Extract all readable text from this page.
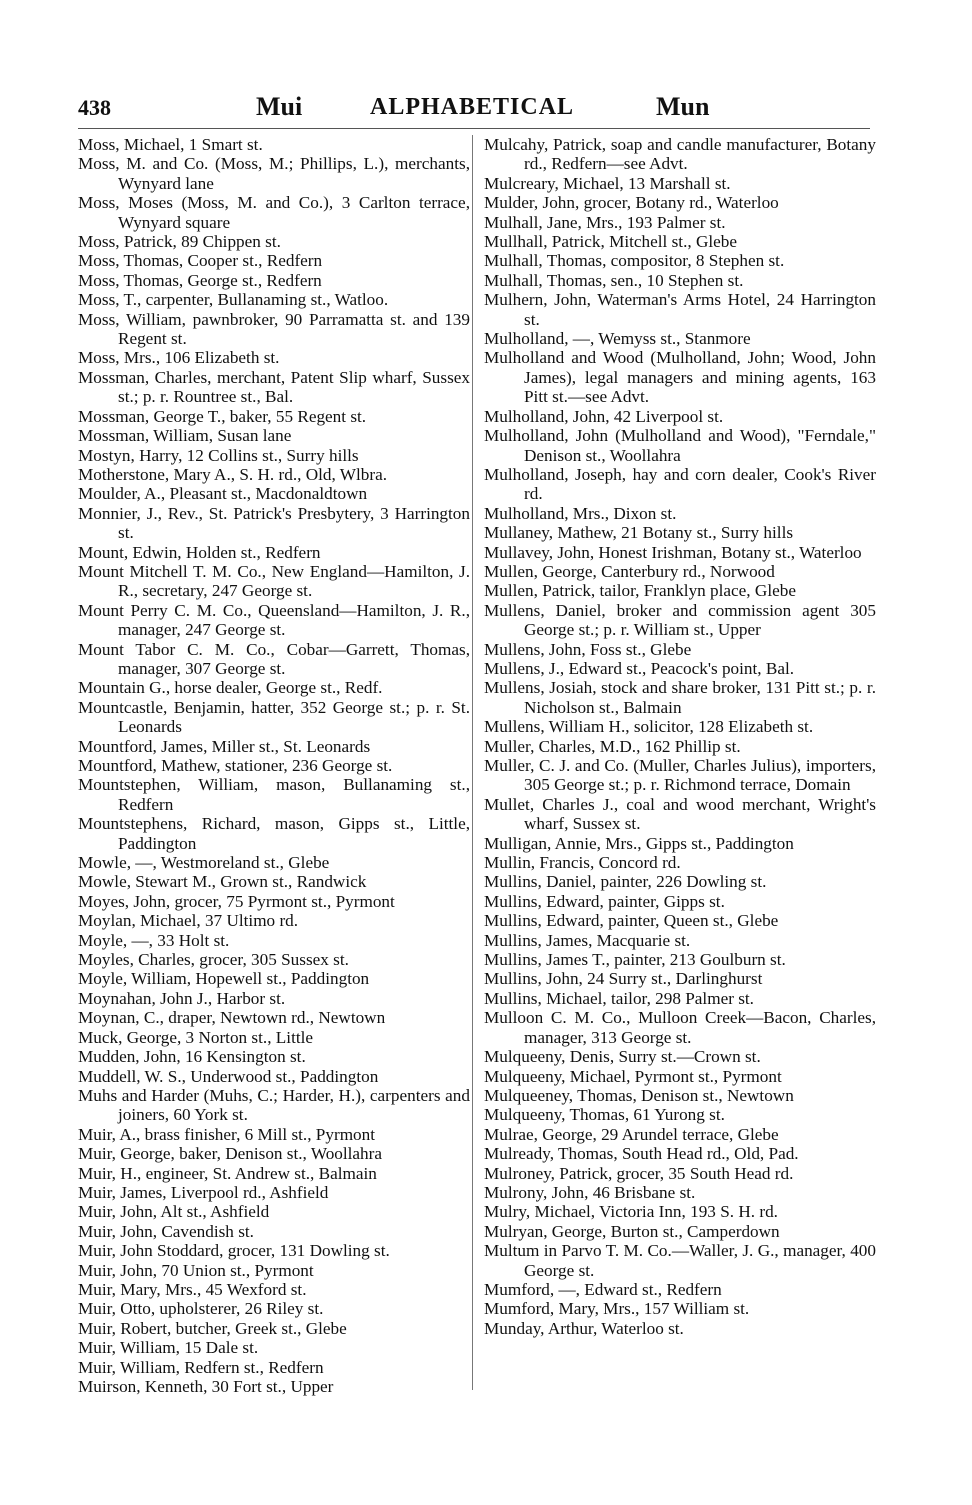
438	Mui	ALPHABETICAL	Mun

Moss, Michael, 1 Smart st.

Moss, M. and Co. (Moss, M.; Phillips, L.), merchants, Wynyard lane

Moss, Moses (Moss, M. and Co.), 3 Carlton terrace, Wynyard square

Moss, Patrick, 89 Chippen st.

Moss, Thomas, Cooper st., Redfern

Moss, Thomas, George st., Redfern

Moss, T., carpenter, Bullanaming st., Watloo.

Moss, William, pawnbroker, 90 Parramatta st. and 139 Regent st.

Moss, Mrs., 106 Elizabeth st.

Mossman, Charles, merchant, Patent Slip wharf, Sussex st.; p. r. Rountree st., Bal.

Mossman, George T., baker, 55 Regent st.

Mossman, William, Susan lane

Mostyn, Harry, 12 Collins st., Surry hills

Motherstone, Mary A., S. H. rd., Old, Wlbra.

Moulder, A., Pleasant st., Macdonaldtown

Monnier, J., Rev., St. Patrick's Presbytery, 3 Harrington st.

Mount, Edwin, Holden st., Redfern

Mount Mitchell T. M. Co., New England—Hamilton, J. R., secretary, 247 George st.

Mount Perry C. M. Co., Queensland—Hamilton, J. R., manager, 247 George st.

Mount Tabor C. M. Co., Cobar—Garrett, Thomas, manager, 307 George st.

Mountain G., horse dealer, George st., Redf.

Mountcastle, Benjamin, hatter, 352 George st.; p. r. St. Leonards

Mountford, James, Miller st., St. Leonards

Mountford, Mathew, stationer, 236 George st.

Mountstephen, William, mason, Bullanaming st., Redfern

Mountstephens, Richard, mason, Gipps st., Little, Paddington

Mowle, —, Westmoreland st., Glebe

Mowle, Stewart M., Grown st., Randwick

Moyes, John, grocer, 75 Pyrmont st., Pyrmont

Moylan, Michael, 37 Ultimo rd.

Moyle, —, 33 Holt st.

Moyles, Charles, grocer, 305 Sussex st.

Moyle, William, Hopewell st., Paddington

Moynahan, John J., Harbor st.

Moynan, C., draper, Newtown rd., Newtown

Muck, George, 3 Norton st., Little

Mudden, John, 16 Kensington st.

Muddell, W. S., Underwood st., Paddington

Muhs and Harder (Muhs, C.; Harder, H.), carpenters and joiners, 60 York st.

Muir, A., brass finisher, 6 Mill st., Pyrmont

Muir, George, baker, Denison st., Woollahra

Muir, H., engineer, St. Andrew st., Balmain

Muir, James, Liverpool rd., Ashfield

Muir, John, Alt st., Ashfield

Muir, John, Cavendish st.

Muir, John Stoddard, grocer, 131 Dowling st.

Muir, John, 70 Union st., Pyrmont

Muir, Mary, Mrs., 45 Wexford st.

Muir, Otto, upholsterer, 26 Riley st.

Muir, Robert, butcher, Greek st., Glebe

Muir, William, 15 Dale st.

Muir, William, Redfern st., Redfern

Muirson, Kenneth, 30 Fort st., Upper

Mulcahy, Patrick, soap and candle manufacturer, Botany rd., Redfern—see Advt.

Mulcreary, Michael, 13 Marshall st.

Mulder, John, grocer, Botany rd., Waterloo

Mulhall, Jane, Mrs., 193 Palmer st.

Mullhall, Patrick, Mitchell st., Glebe

Mulhall, Thomas, compositor, 8 Stephen st.

Mulhall, Thomas, sen., 10 Stephen st.

Mulhern, John, Waterman's Arms Hotel, 24 Harrington st.

Mulholland, —, Wemyss st., Stanmore

Mulholland and Wood (Mulholland, John; Wood, John James), legal managers and mining agents, 163 Pitt st.—see Advt.

Mulholland, John, 42 Liverpool st.

Mulholland, John (Mulholland and Wood), "Ferndale," Denison st., Woollahra

Mulholland, Joseph, hay and corn dealer, Cook's River rd.

Mulholland, Mrs., Dixon st.

Mullaney, Mathew, 21 Botany st., Surry hills

Mullavey, John, Honest Irishman, Botany st., Waterloo

Mullen, George, Canterbury rd., Norwood

Mullen, Patrick, tailor, Franklyn place, Glebe

Mullens, Daniel, broker and commission agent 305 George st.; p. r. William st., Upper

Mullens, John, Foss st., Glebe

Mullens, J., Edward st., Peacock's point, Bal.

Mullens, Josiah, stock and share broker, 131 Pitt st.; p. r. Nicholson st., Balmain

Mullens, William H., solicitor, 128 Elizabeth st.

Muller, Charles, M.D., 162 Phillip st.

Muller, C. J. and Co. (Muller, Charles Julius), importers, 305 George st.; p. r. Richmond terrace, Domain

Mullet, Charles J., coal and wood merchant, Wright's wharf, Sussex st.

Mulligan, Annie, Mrs., Gipps st., Paddington

Mullin, Francis, Concord rd.

Mullins, Daniel, painter, 226 Dowling st.

Mullins, Edward, painter, Gipps st.

Mullins, Edward, painter, Queen st., Glebe

Mullins, James, Macquarie st.

Mullins, James T., painter, 213 Goulburn st.

Mullins, John, 24 Surry st., Darlinghurst

Mullins, Michael, tailor, 298 Palmer st.

Mulloon C. M. Co., Mulloon Creek—Bacon, Charles, manager, 313 George st.

Mulqueeny, Denis, Surry st.—Crown st.

Mulqueeny, Michael, Pyrmont st., Pyrmont

Mulqueeney, Thomas, Denison st., Newtown

Mulqueeny, Thomas, 61 Yurong st.

Mulrae, George, 29 Arundel terrace, Glebe

Mulready, Thomas, South Head rd., Old, Pad.

Mulroney, Patrick, grocer, 35 South Head rd.

Mulrony, John, 46 Brisbane st.

Mulry, Michael, Victoria Inn, 193 S. H. rd.

Mulryan, George, Burton st., Camperdown

Multum in Parvo T. M. Co.—Waller, J. G., manager, 400 George st.

Mumford, —, Edward st., Redfern

Mumford, Mary, Mrs., 157 William st.

Munday, Arthur, Waterloo st.
